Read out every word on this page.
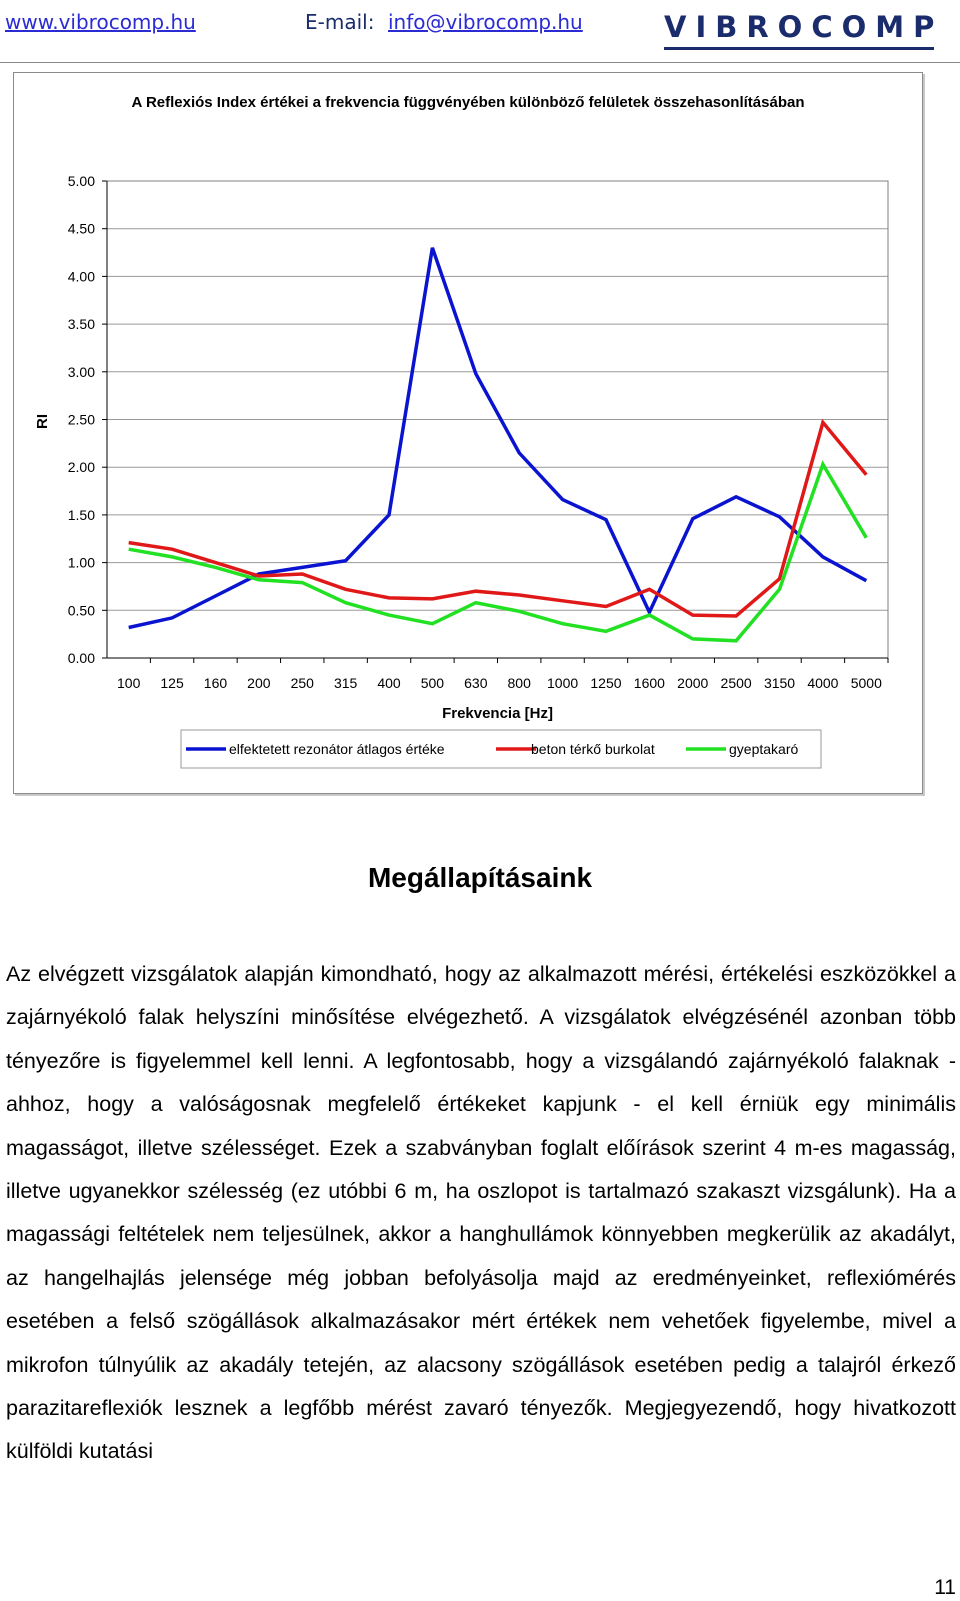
www.vibrocomp.hu	E-mail: info@vibrocomp.hu	VIBROCOMP
A Reflexiós Index értékei a frekvencia függvényében különböző felületek összehasonlításában
0.00
0.50
1.00
1.50
2.00
2.50
3.00
3.50
4.00
4.50
5.00
100 125 160 200 250 315 400 500 630 800 1000 1250 1600 2000 2500 3150 4000 5000
Frekvencia [Hz]
RI
elfektetett rezonátor átlagos értéke	beton térkő burkolat	gyeptakaró
Megállapításaink

Az elvégzett vizsgálatok alapján kimondható, hogy az alkalmazott mérési, értékelési eszközökkel a zajárnyékoló falak helyszíni minősítése elvégezhető. A vizsgálatok elvégzésénél azonban több tényezőre is figyelemmel kell lenni. A legfontosabb, hogy a vizsgálandó zajárnyékoló falaknak - ahhoz, hogy a valóságosnak megfelelő értékeket kapjunk - el kell érniük egy minimális magasságot, illetve szélességet. Ezek a szabványban foglalt előírások szerint 4 m-es magasság, illetve ugyanekkor szélesség (ez utóbbi 6 m, ha oszlopot is tartalmazó szakaszt vizsgálunk). Ha a magassági feltételek nem teljesülnek, akkor a hanghullámok könnyebben megkerülik az akadályt, az hangelhajlás jelensége még jobban befolyásolja majd az eredményeinket, reflexiómérés esetében a felső szögállások alkalmazásakor mért értékek nem vehetőek figyelembe, mivel a mikrofon túlnyúlik az akadály tetején, az alacsony szögállások esetében pedig a talajról érkező parazitareflexiók lesznek a legfőbb mérést zavaró tényezők. Megjegyezendő, hogy hivatkozott külföldi kutatási

11
